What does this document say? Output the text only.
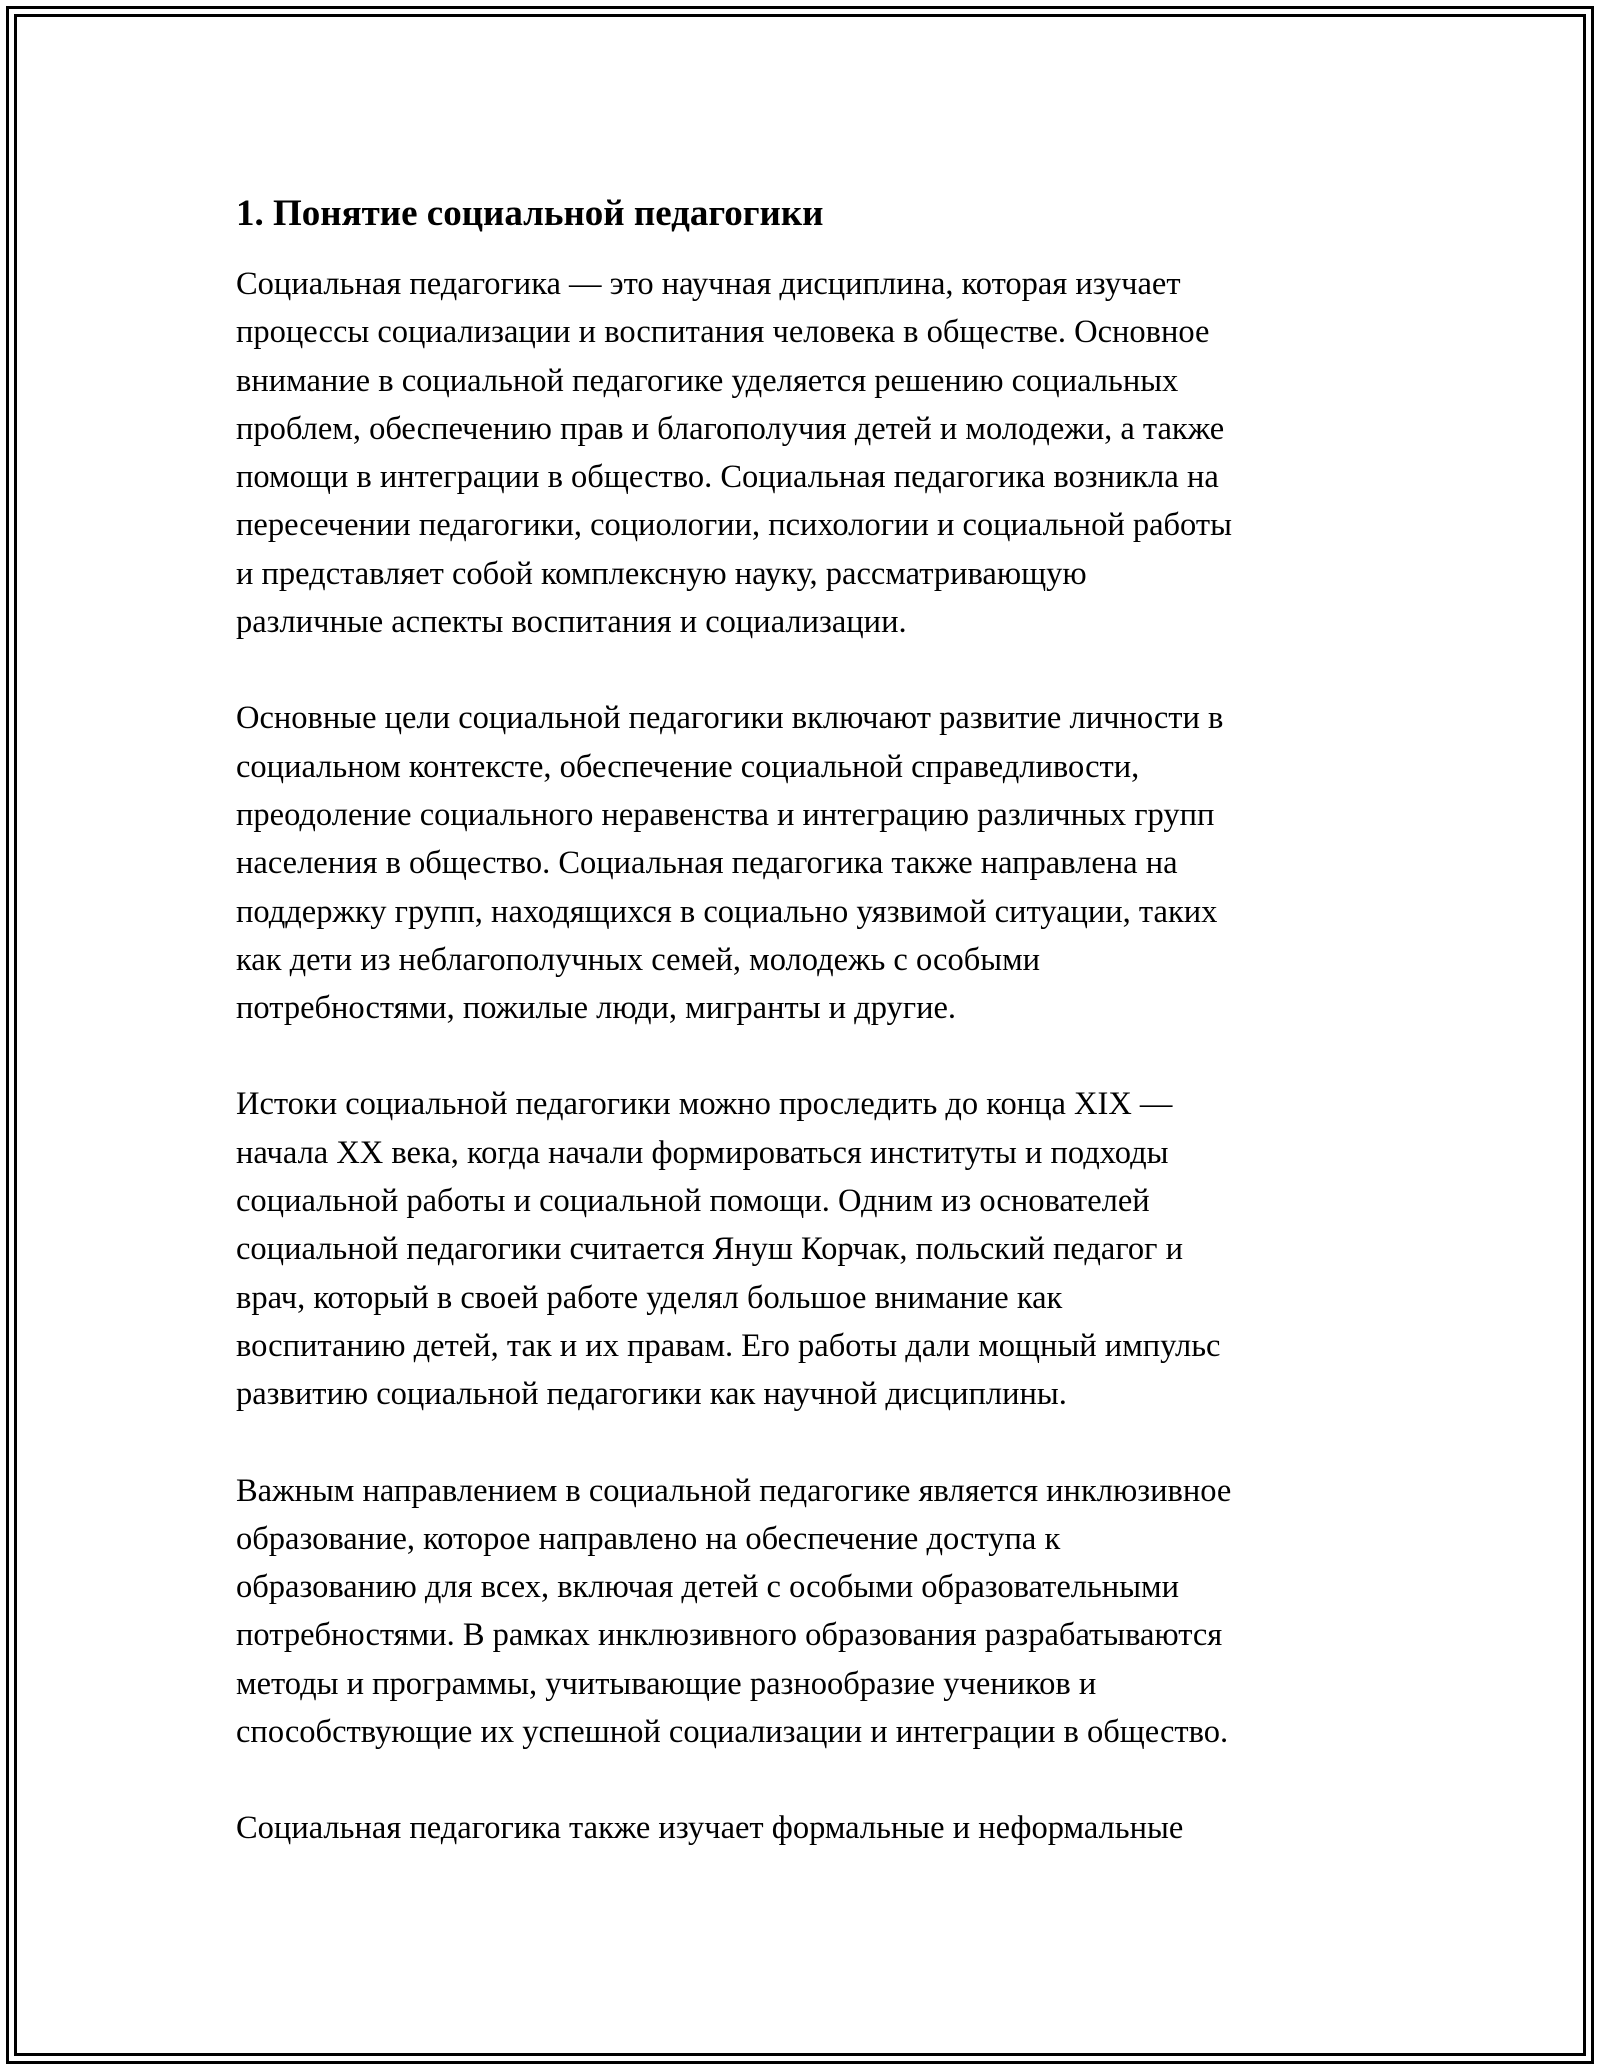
1. Понятие социальной педагогики

Социальная педагогика — это научная дисциплина, которая изучает
процессы социализации и воспитания человека в обществе. Основное
внимание в социальной педагогике уделяется решению социальных
проблем, обеспечению прав и благополучия детей и молодежи, а также
помощи в интеграции в общество. Социальная педагогика возникла на
пересечении педагогики, социологии, психологии и социальной работы
и представляет собой комплексную науку, рассматривающую
различные аспекты воспитания и социализации.

Основные цели социальной педагогики включают развитие личности в
социальном контексте, обеспечение социальной справедливости,
преодоление социального неравенства и интеграцию различных групп
населения в общество. Социальная педагогика также направлена на
поддержку групп, находящихся в социально уязвимой ситуации, таких
как дети из неблагополучных семей, молодежь с особыми
потребностями, пожилые люди, мигранты и другие.

Истоки социальной педагогики можно проследить до конца XIX —
начала XX века, когда начали формироваться институты и подходы
социальной работы и социальной помощи. Одним из основателей
социальной педагогики считается Януш Корчак, польский педагог и
врач, который в своей работе уделял большое внимание как
воспитанию детей, так и их правам. Его работы дали мощный импульс
развитию социальной педагогики как научной дисциплины.

Важным направлением в социальной педагогике является инклюзивное
образование, которое направлено на обеспечение доступа к
образованию для всех, включая детей с особыми образовательными
потребностями. В рамках инклюзивного образования разрабатываются
методы и программы, учитывающие разнообразие учеников и
способствующие их успешной социализации и интеграции в общество.

Социальная педагогика также изучает формальные и неформальные
